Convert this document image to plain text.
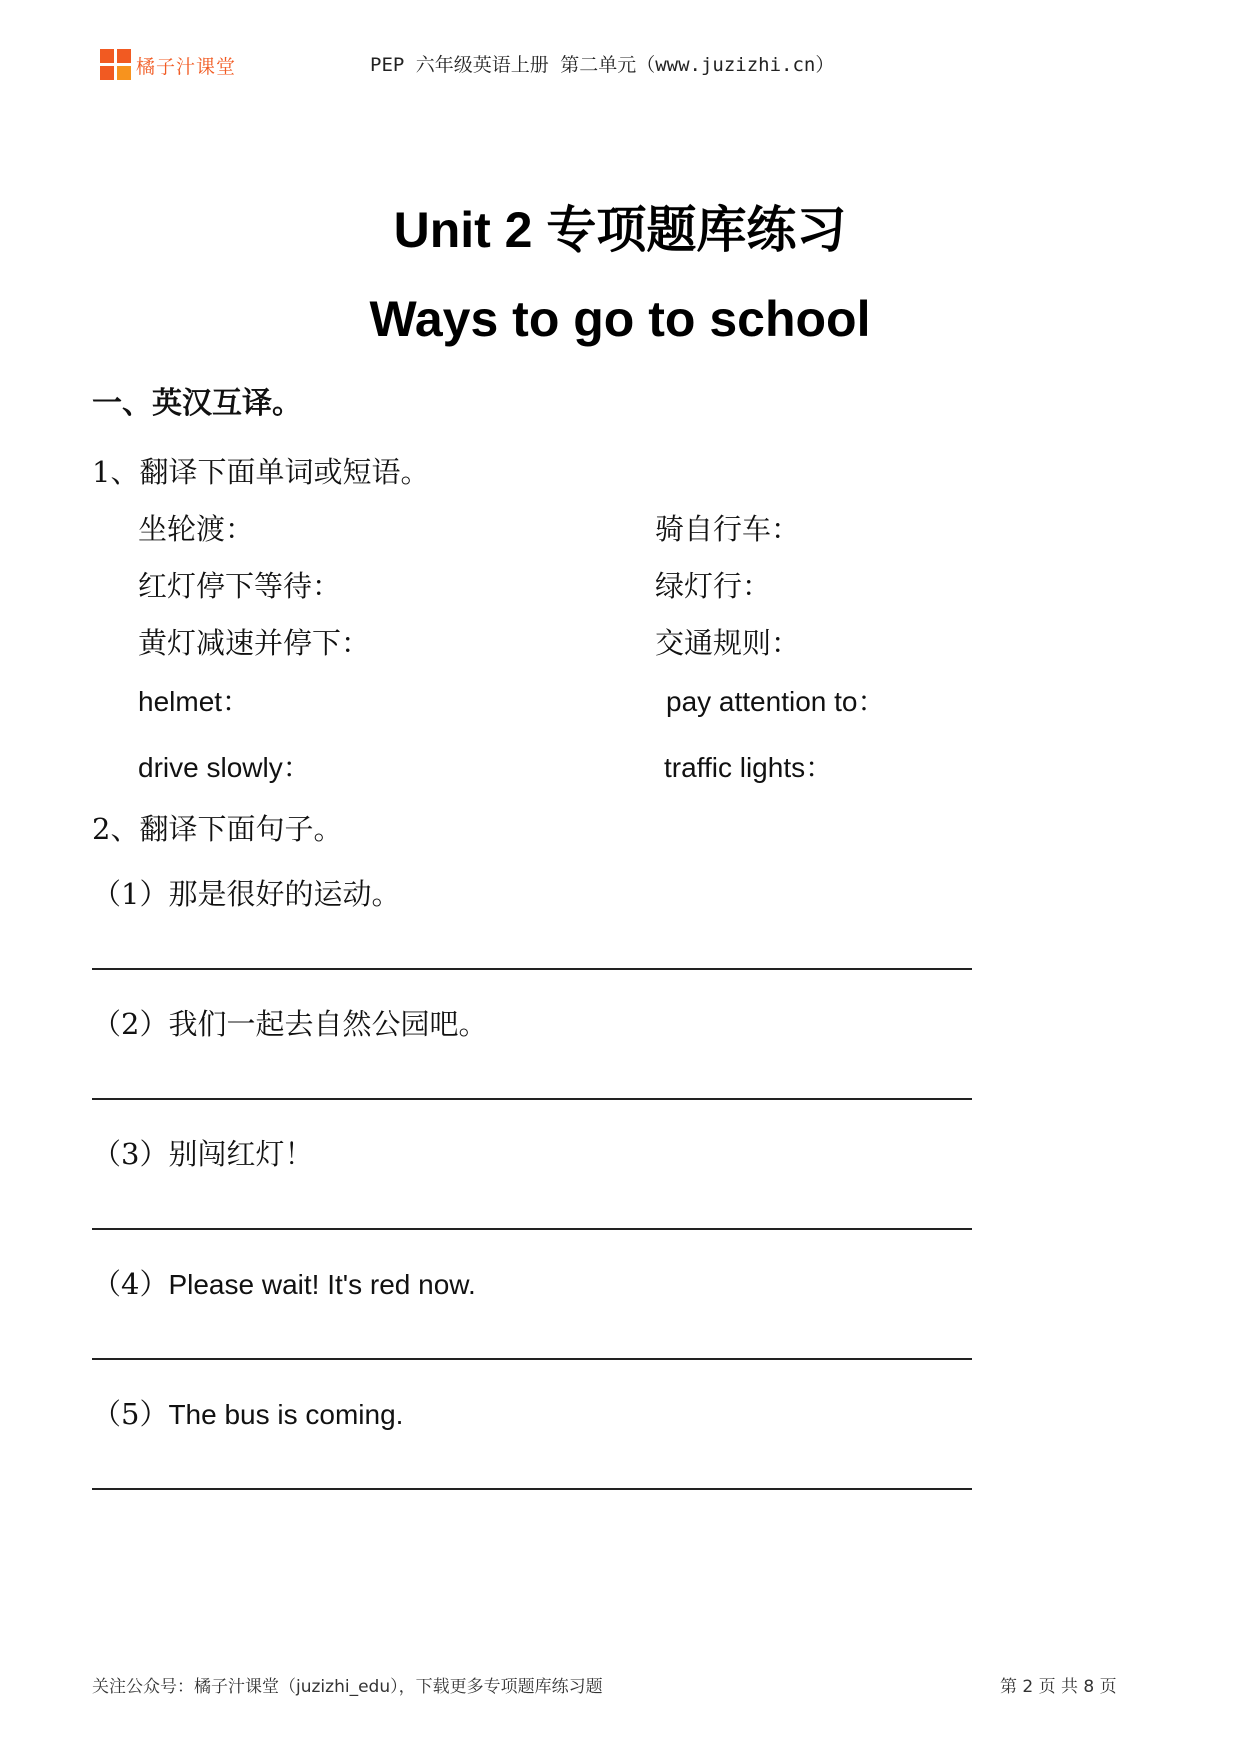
橘子汁课堂	PEP 六年级英语上册 第二单元（www.juzizhi.cn）
Unit 2 专项题库练习
Ways to go to school
一、英汉互译。
1、翻译下面单词或短语。
坐轮渡：	骑自行车：
红灯停下等待：	绿灯行：
黄灯减速并停下：	交通规则：
helmet：	pay attention to：
drive slowly：	traffic lights：
2、翻译下面句子。
（1）那是很好的运动。
（2）我们一起去自然公园吧。
（3）别闯红灯！
（4）Please wait! It's red now.
（5）The bus is coming.
关注公众号：橘子汁课堂（juzizhi_edu），下载更多专项题库练习题	第 2 页 共 8 页
